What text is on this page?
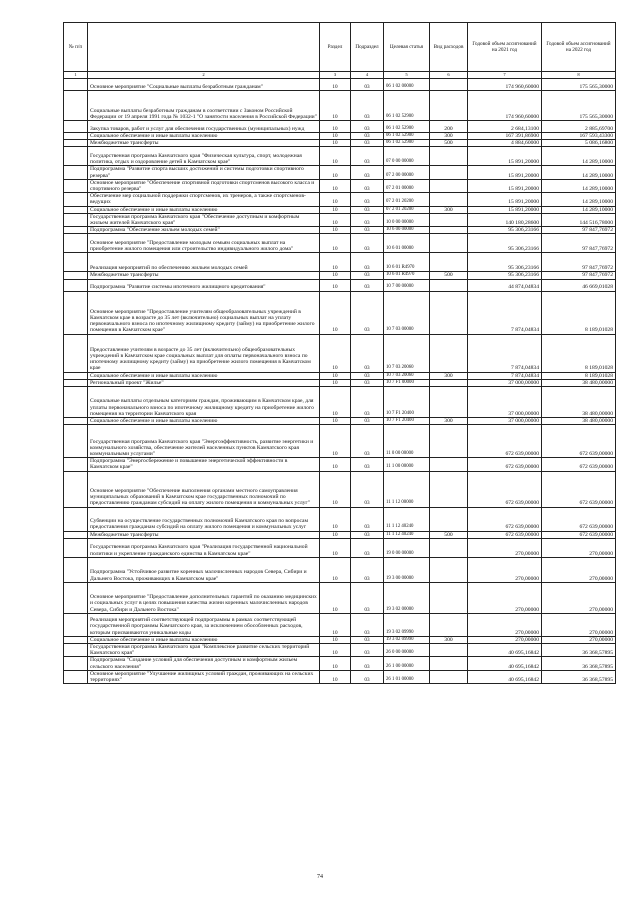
№ п/п		Раздел	Подраздел	Целевая статья	Вид расходов	Годовой объем ассигнований на 2021 год	Годовой объем ассигнований на 2022 год
1	2	3	4	5	6	7	8
	Основное мероприятие "Социальные выплаты безработным гражданам"	10	03	06 1 02 00000		174 960,60000	175 565,30000
	Социальные выплаты безработным гражданам в соответствии с Законом Российской Федерации от 19 апреля 1991 года № 1032-1 "О занятости населения в Российской Федерации"	10	03	06 1 02 52900		174 960,60000	175 565,30000
	Закупка товаров, работ и услуг для обеспечения государственных (муниципальных) нужд	10	03	06 1 02 52900	200	2 684,13100	2 885,69700
	Социальное обеспечение и иные выплаты населению	10	03	06 1 02 52900	300	167 391,86900	167 593,43300
	Межбюджетные трансферты	10	03	06 1 02 52900	500	4 884,60000	5 086,16800
	Государственная программа Камчатского края "Физическая культура, спорт, молодежная политика, отдых и оздоровление детей в Камчатском крае"	10	03	07 0 00 00000		15 891,20000	14 289,10000
	Подпрограмма "Развитие спорта высших достижений и системы подготовки спортивного резерва"	10	03	07 2 00 00000		15 891,20000	14 289,10000
	Основное мероприятие "Обеспечение спортивной подготовки спортсменов высокого класса и спортивного резерва"	10	03	07 2 01 00000		15 891,20000	14 289,10000
	Обеспечение мер социальной поддержки спортсменов, их тренеров, а также спортсменов-ведущих	10	03	07 2 01 20200		15 891,20000	14 289,10000
	Социальное обеспечение и иные выплаты населению	10	03	07 2 01 20200	300	15 891,20000	14 289,10000
	Государственная программа Камчатского края "Обеспечение доступным и комфортным жильем жителей Камчатского края"	10	03	10 0 00 00000		140 180,28600	144 516,78000
	Подпрограмма "Обеспечение жильем молодых семей"	10	03	10 6 00 00000		95 306,23166	97 847,76972
	Основное мероприятие "Предоставление молодым семьям социальных выплат на приобретение жилого помещения или строительство индивидуального жилого дома"	10	03	10 6 01 00000		95 306,23166	97 847,76972
	Реализация мероприятий по обеспечению жильем молодых семей	10	03	10 6 01 R4970		95 306,23166	97 847,76972
	Межбюджетные трансферты	10	03	10 6 01 R4970	500	95 306,23166	97 847,76972
	Подпрограмма "Развитие системы ипотечного жилищного кредитования"	10	03	10 7 00 00000		44 874,04834	46 669,01028
	Основное мероприятие "Предоставление учителям общеобразовательных учреждений в Камчатском крае в возрасте до 35 лет (включительно) социальных выплат на уплату первоначального взноса по ипотечному жилищному кредиту (займу) на приобретение жилого помещения в Камчатском крае"	10	03	10 7 03 00000		7 874,04834	8 189,01028
	Предоставление учителям в возрасте до 35 лет (включительно) общеобразовательных учреждений в Камчатском крае социальных выплат для оплаты первоначального взноса по ипотечному жилищному кредиту (займу) на приобретение жилого помещения в Камчатском крае	10	03	10 7 03 20060		7 874,04834	8 189,01028
	Социальное обеспечение и иные выплаты населению	10	03	10 7 03 20060	300	7 874,04834	8 189,01028
	Региональный проект "Жилье"	10	03	10 7 F1 00000		37 000,00000	38 480,00000
	Социальные выплаты отдельным категориям граждан, проживающим в Камчатском крае, для уплаты первоначального взноса по ипотечному жилищному кредиту на приобретение жилого помещения на территории Камчатского края	10	03	10 7 F1 20400		37 000,00000	38 480,00000
	Социальное обеспечение и иные выплаты населению	10	03	10 7 F1 20400	300	37 000,00000	38 480,00000
	Государственная программа Камчатского края "Энергоэффективность, развитие энергетики и коммунального хозяйства, обеспечение жителей населенных пунктов Камчатского края коммунальными услугами"	10	03	11 0 00 00000		672 639,00000	672 639,00000
	Подпрограмма "Энергосбережение и повышение энергетической эффективности в Камчатском крае"	10	03	11 1 00 00000		672 639,00000	672 639,00000
	Основное мероприятие "Обеспечение выполнения органами местного самоуправления муниципальных образований в Камчатском крае государственных полномочий по предоставлению гражданам субсидий на оплату жилого помещения и коммунальных услуг"	10	03	11 1 12 00000		672 639,00000	672 639,00000
	Субвенции на осуществление государственных полномочий Камчатского края по вопросам предоставления гражданам субсидий на оплату жилого помещения и коммунальных услуг	10	03	11 1 12 40240		672 639,00000	672 639,00000
	Межбюджетные трансферты	10	03	11 1 12 40240	500	672 639,00000	672 639,00000
	Государственная программа Камчатского края "Реализация государственной национальной политики и укрепление гражданского единства в Камчатском крае"	10	03	19 0 00 00000		270,00000	270,00000
	Подпрограмма "Устойчивое развитие коренных малочисленных народов Севера, Сибири и Дальнего Востока, проживающих в Камчатском крае"	10	03	19 3 00 00000		270,00000	270,00000
	Основное мероприятие "Предоставление дополнительных гарантий по оказанию медицинских и социальных услуг в целях повышения качества жизни коренных малочисленных народов Севера, Сибири и Дальнего Востока"	10	03	19 3 02 00000		270,00000	270,00000
	Реализация мероприятий соответствующей подпрограммы в рамках соответствующей государственной программы Камчатского края, за исключением обособленных расходов, которым присваиваются уникальные коды	10	03	19 3 02 09990		270,00000	270,00000
	Социальное обеспечение и иные выплаты населению	10	03	19 3 02 09990	300	270,00000	270,00000
	Государственная программа Камчатского края "Комплексное развитие сельских территорий Камчатского края"	10	03	26 0 00 00000		40 695,16842	36 368,57895
	Подпрограмма "Создание условий для обеспечения доступным и комфортным жильем сельского населения"	10	03	26 1 00 00000		40 695,16842	36 368,57895
	Основное мероприятие "Улучшение жилищных условий граждан, проживающих на сельских территориях"	10	03	26 1 01 00000		40 695,16842	36 368,57895
74
